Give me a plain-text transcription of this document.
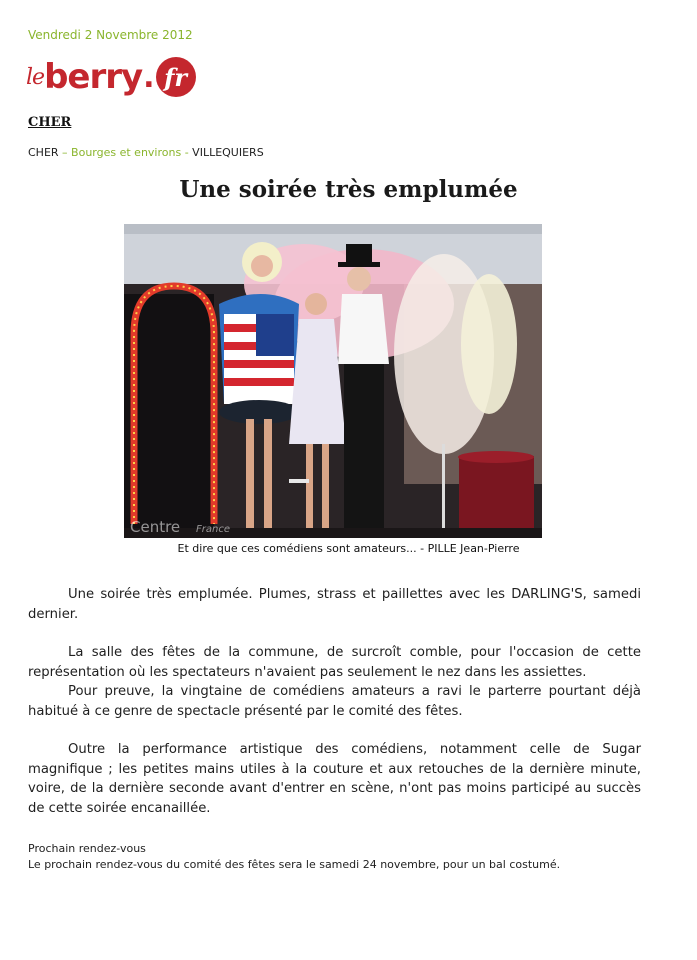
Vendredi 2 Novembre 2012
le berry . fr
CHER
CHER – Bourges et environs - VILLEQUIERS
Une soirée très emplumée
Centre France
Et dire que ces comédiens sont amateurs... - PILLE Jean-Pierre

Une soirée très emplumée. Plumes, strass et paillettes avec les DARLING'S, samedi dernier.

La salle des fêtes de la commune, de surcroît comble, pour l'occasion de cette représentation où les spectateurs n'avaient pas seulement le nez dans les assiettes.

Pour preuve, la vingtaine de comédiens amateurs a ravi le parterre pourtant déjà habitué à ce genre de spectacle présenté par le comité des fêtes.

Outre la performance artistique des comédiens, notamment celle de Sugar magnifique ; les petites mains utiles à la couture et aux retouches de la dernière minute, voire, de la dernière seconde avant d'entrer en scène, n'ont pas moins participé au succès de cette soirée encanaillée.

Prochain rendez-vous
Le prochain rendez-vous du comité des fêtes sera le samedi 24 novembre, pour un bal costumé.
